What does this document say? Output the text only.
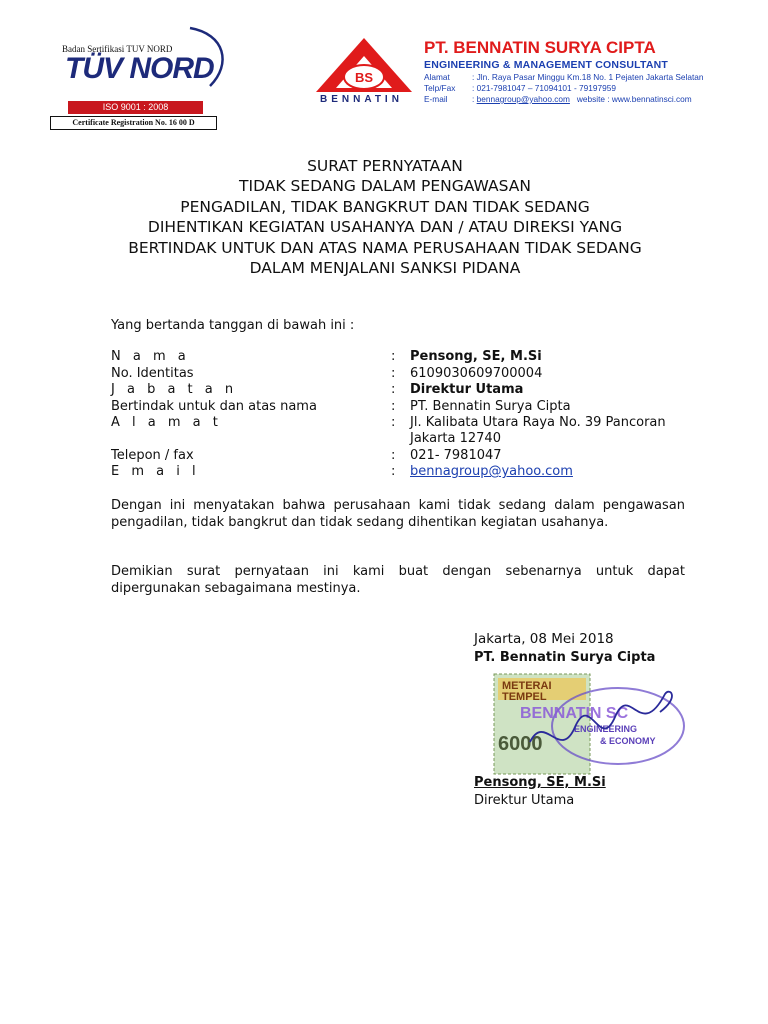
Badan Sertifikasi TUV NORD
TÜV NORD
ISO 9001 : 2008
Certificate Registration No. 16 00 D
BS
BENNATIN
PT. BENNATIN SURYA CIPTA
ENGINEERING & MANAGEMENT CONSULTANT
Alamat	: Jln. Raya Pasar Minggu Km.18 No. 1 Pejaten Jakarta Selatan
Telp/Fax : 021-7981047 – 71094101 - 79197959
E-mail	: bennagroup@yahoo.com website : www.bennatinsci.com
SURAT PERNYATAAN
TIDAK SEDANG DALAM PENGAWASAN
PENGADILAN, TIDAK BANGKRUT DAN TIDAK SEDANG
DIHENTIKAN KEGIATAN USAHANYA DAN / ATAU DIREKSI YANG
BERTINDAK UNTUK DAN ATAS NAMA PERUSAHAAN TIDAK SEDANG
DALAM MENJALANI SANKSI PIDANA
Yang bertanda tanggan di bawah ini :
N a m a	: Pensong, SE, M.Si
No. Identitas	: 6109030609700004
J a b a t a n	: Direktur Utama
Bertindak untuk dan atas nama	: PT. Bennatin Surya Cipta
A l a m a t	: Jl. Kalibata Utara Raya No. 39 Pancoran
Jakarta 12740
Telepon / fax	: 021- 7981047
E m a i l	: bennagroup@yahoo.com
Dengan ini menyatakan bahwa perusahaan kami tidak sedang dalam pengawasan pengadilan, tidak bangkrut dan tidak sedang dihentikan kegiatan usahanya.
Demikian surat pernyataan ini kami buat dengan sebenarnya untuk dapat dipergunakan sebagaimana mestinya.
Jakarta, 08 Mei 2018
PT. Bennatin Surya Cipta
METERAI
TEMPEL
6000
BENNATIN SC
ENGINEERING
& ECONOMY
Pensong, SE, M.Si
Direktur Utama
